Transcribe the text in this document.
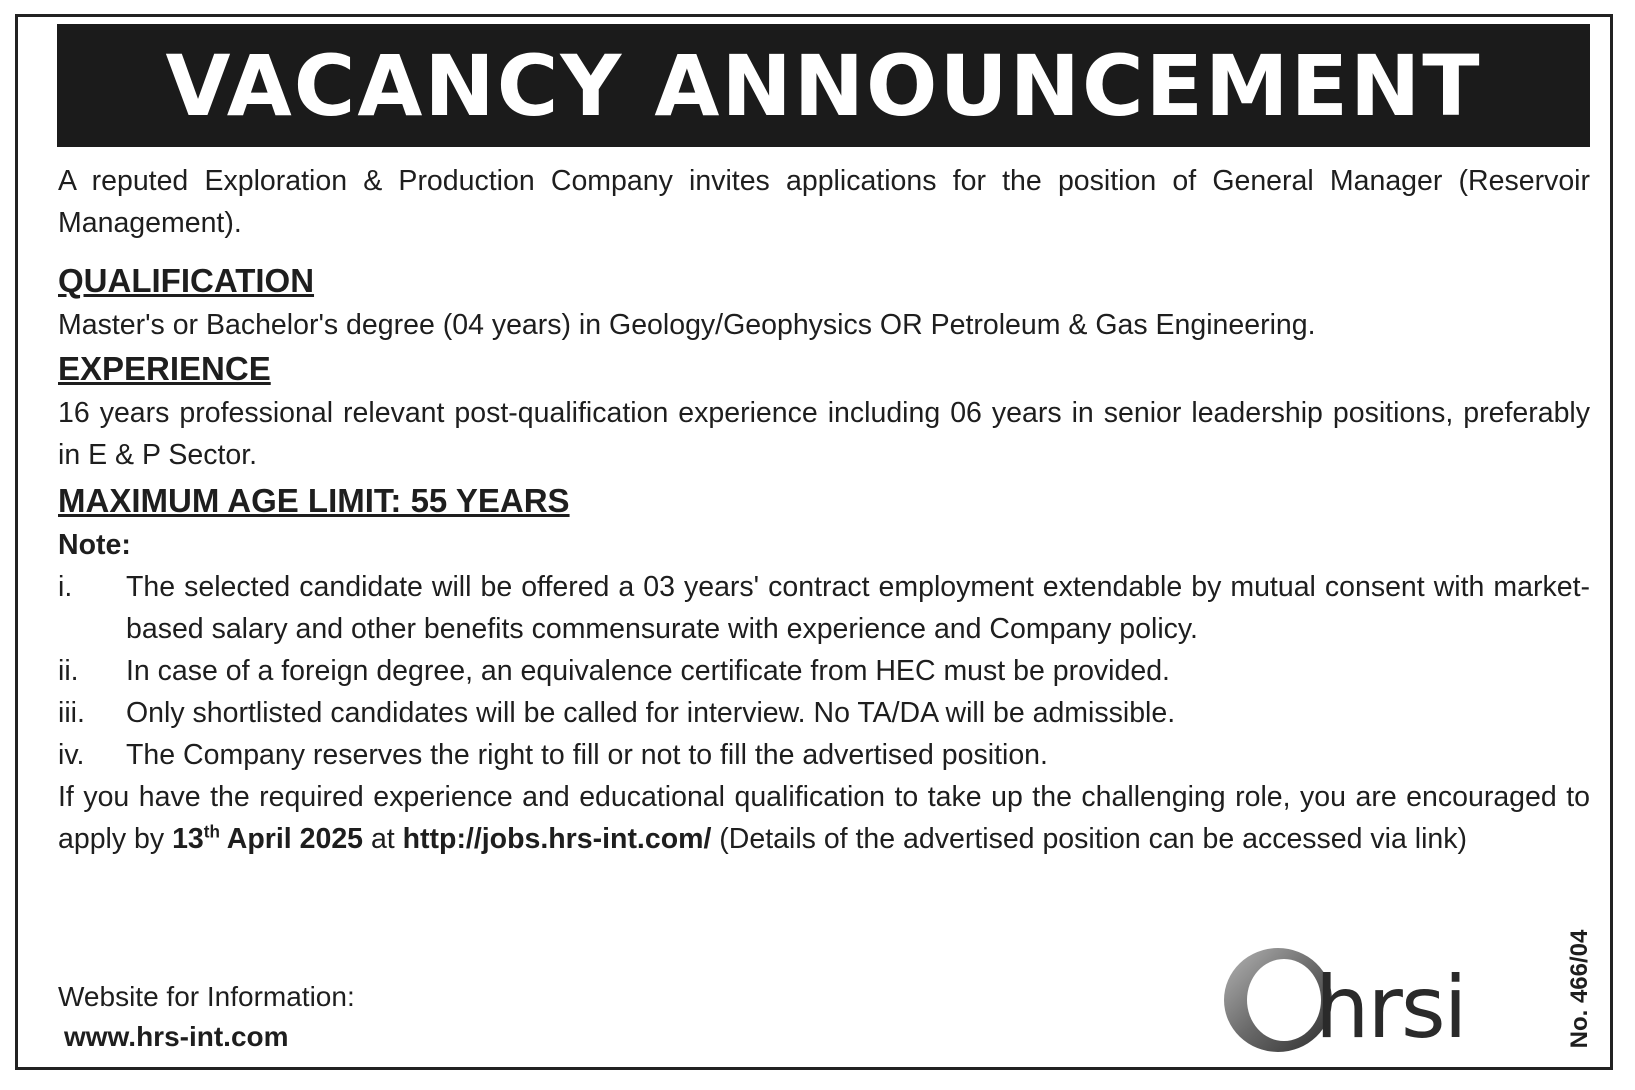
VACANCY ANNOUNCEMENT

A reputed Exploration & Production Company invites applications for the position of General Manager (Reservoir Management).

QUALIFICATION

Master's or Bachelor's degree (04 years) in Geology/Geophysics OR Petroleum & Gas Engineering.

EXPERIENCE

16 years professional relevant post-qualification experience including 06 years in senior leadership positions, preferably in E & P Sector.

MAXIMUM AGE LIMIT: 55 YEARS
Note:
i.	The selected candidate will be offered a 03 years' contract employment extendable by mutual consent with market-based salary and other benefits commensurate with experience and Company policy.
ii.	In case of a foreign degree, an equivalence certificate from HEC must be provided.
iii.	Only shortlisted candidates will be called for interview. No TA/DA will be admissible.
iv.	The Company reserves the right to fill or not to fill the advertised position.

If you have the required experience and educational qualification to take up the challenging role, you are encouraged to apply by 13th April 2025 at http://jobs.hrs-int.com/ (Details of the advertised position can be accessed via link)

Website for Information:
www.hrs-int.com	hrsi	No. 466/04
